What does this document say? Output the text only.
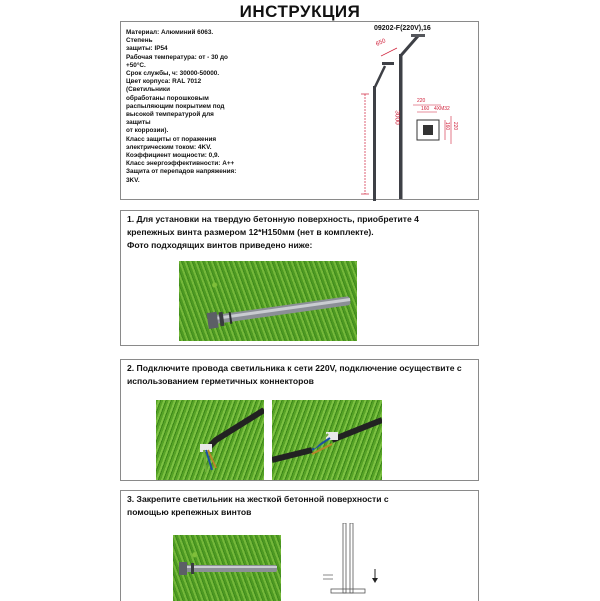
ИНСТРУКЦИЯ
09202-F(220V),16
Материал: Алюминий 6063. Степень
защиты: IP54
Рабочая температура: от - 30 до
+50°С.
Срок службы, ч: 30000-50000.
Цвет корпуса: RAL 7012 (Светильники
обработаны порошковым
распыляющим покрытием под
высокой температурой для защиты
от коррозии).
Класс защиты от поражения
электрическим током: 4KV.
Коэффициент мощности: 0,9.
Класс энергоэффективности: А++
Защита от перепадов напряжения:
3KV.
650
3000
220
160 4ХМ32
160 220
1. Для установки на твердую бетонную поверхность, приобретите 4
крепежных винта размером 12*Н150мм (нет в комплекте).
Фото подходящих винтов приведено ниже:
2. Подключите провода светильника к сети 220V, подключение осуществите с
использованием герметичных коннекторов
3. Закрепите светильник на жесткой бетонной поверхности с
помощью крепежных винтов
